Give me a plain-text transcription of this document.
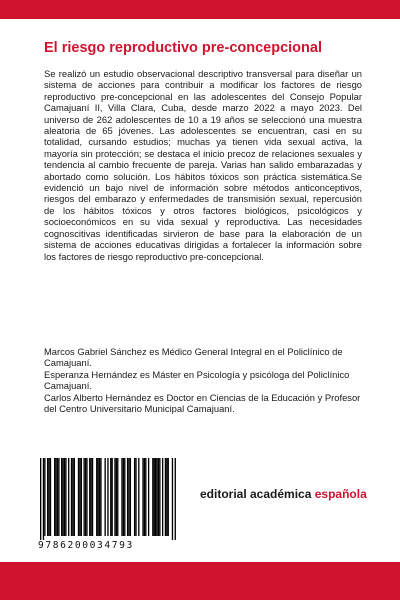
El riesgo reproductivo pre-concepcional

Se realizó un estudio observacional descriptivo transversal para diseñar un sistema de acciones para contribuir a modificar los factores de riesgo reproductivo pre-concepcional en las adolescentes del Consejo Popular Camajuaní II, Villa Clara, Cuba, desde marzo 2022 a mayo 2023. Del universo de 262 adolescentes de 10 a 19 años se seleccionó una muestra aleatoria de 65 jóvenes. Las adolescentes se encuentran, casi en su totalidad, cursando estudios; muchas ya tienen vida sexual activa, la mayoría sin protección; se destaca el inicio precoz de relaciones sexuales y tendencia al cambio frecuente de pareja. Varias han salido embarazadas y abortado como solución. Los hábitos tóxicos son práctica sistemática.Se evidenció un bajo nivel de información sobre métodos anticonceptivos, riesgos del embarazo y enfermedades de transmisión sexual, repercusión de los hábitos tóxicos y otros factores biológicos, psicológicos y socioeconómicos en su vida sexual y reproductiva. Las necesidades cognoscitivas identificadas sirvieron de base para la elaboración de un sistema de acciones educativas dirigidas a fortalecer la información sobre los factores de riesgo reproductivo pre-concepcional.

Marcos Gabriel Sánchez es Médico General Integral en el Policlínico de Camajuaní.

Esperanza Hernández es Máster en Psicología y psicóloga del Policlínico Camajuaní.

Carlos Alberto Hernández es Doctor en Ciencias de la Educación y Profesor del Centro Universitario Municipal Camajuaní.

9786200034793
editorial académica española
